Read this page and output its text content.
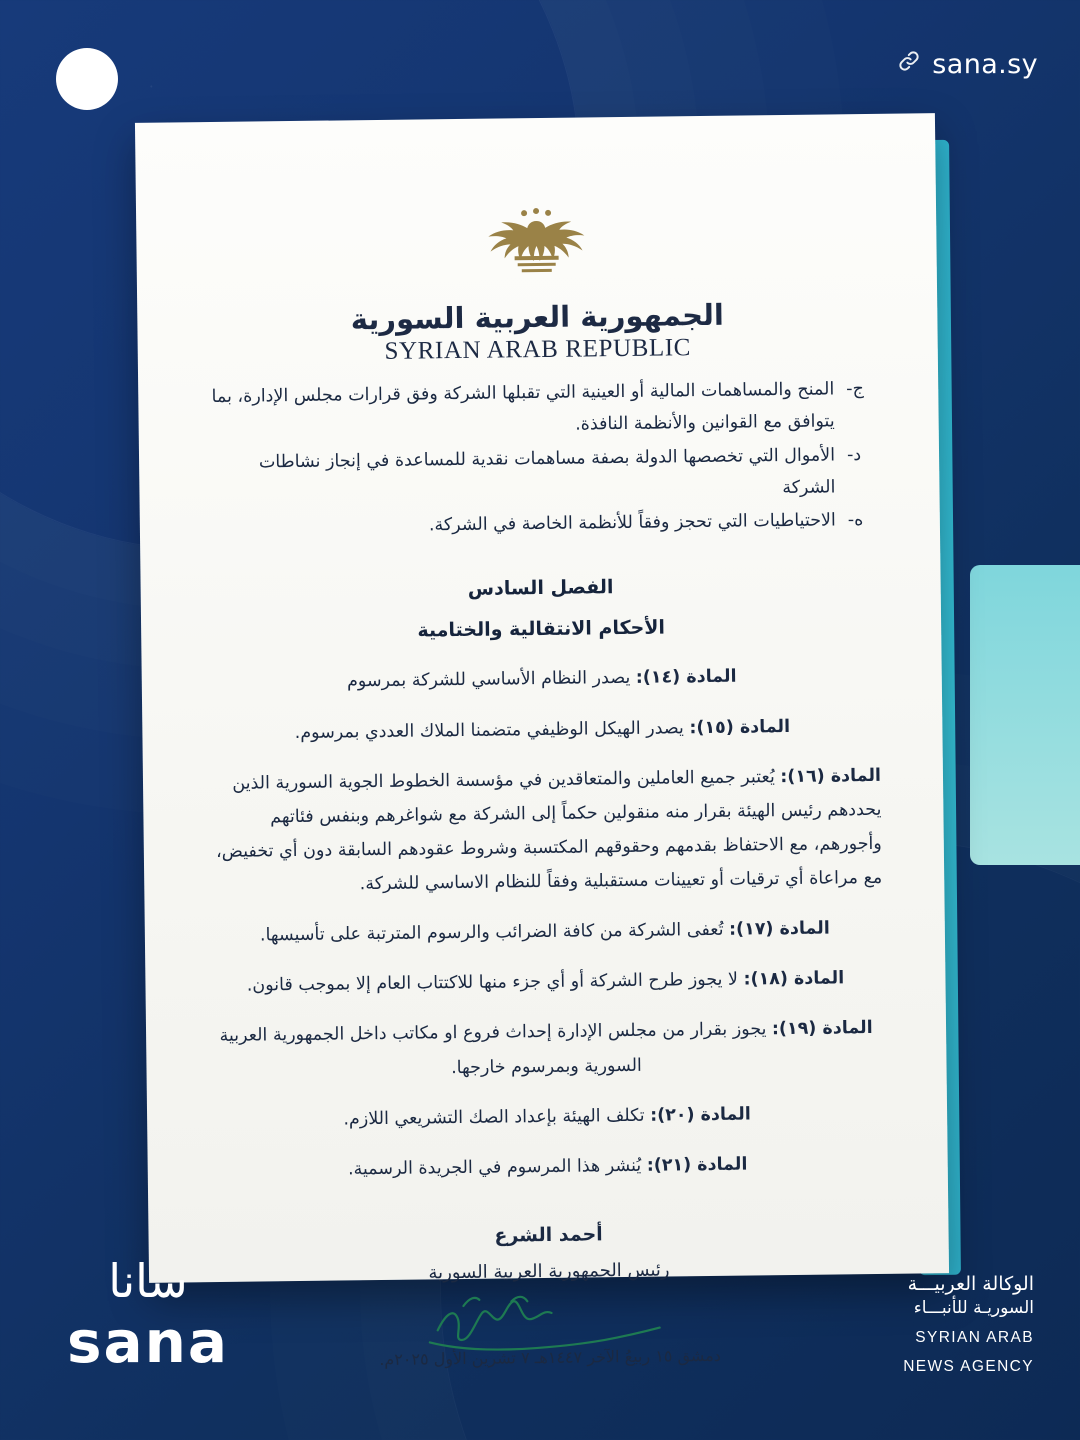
sana.sy
الجمهورية العربية السورية
SYRIAN ARAB REPUBLIC
ج-
المنح والمساهمات المالية أو العينية التي تقبلها الشركة وفق قرارات مجلس الإدارة، بما يتوافق مع القوانين والأنظمة النافذة.
د-
الأموال التي تخصصها الدولة بصفة مساهمات نقدية للمساعدة في إنجاز نشاطات الشركة
ه-
الاحتياطيات التي تحجز وفقاً للأنظمة الخاصة في الشركة.
الفصل السادس
الأحكام الانتقالية والختامية
المادة (١٤): يصدر النظام الأساسي للشركة بمرسوم
المادة (١٥): يصدر الهيكل الوظيفي متضمنا الملاك العددي بمرسوم.
المادة (١٦): يُعتبر جميع العاملين والمتعاقدين في مؤسسة الخطوط الجوية السورية الذين يحددهم رئيس الهيئة بقرار منه منقولين حكماً إلى الشركة مع شواغرهم وبنفس فئاتهم وأجورهم، مع الاحتفاظ بقدمهم وحقوقهم المكتسبة وشروط عقودهم السابقة دون أي تخفيض، مع مراعاة أي ترقيات أو تعيينات مستقبلية وفقاً للنظام الاساسي للشركة.
المادة (١٧): تُعفى الشركة من كافة الضرائب والرسوم المترتبة على تأسيسها.
المادة (١٨): لا يجوز طرح الشركة أو أي جزء منها للاكتتاب العام إلا بموجب قانون.
المادة (١٩): يجوز بقرار من مجلس الإدارة إحداث فروع او مكاتب داخل الجمهورية العربية السورية وبمرسوم خارجها.
المادة (٢٠): تكلف الهيئة بإعداد الصك التشريعي اللازم.
المادة (٢١): يُنشر هذا المرسوم في الجريدة الرسمية.
أحمد الشرع
رئيس الجمهورية العربية السورية
دمشق ١٥ ربيعُ الآخر ١٤٤٧هـ ٧ تشرين الأول ٢٠٢٥م.
سانا
sana
الوكالة العربيـــة
السوريـة للأنبـــاء
SYRIAN ARAB
NEWS AGENCY
